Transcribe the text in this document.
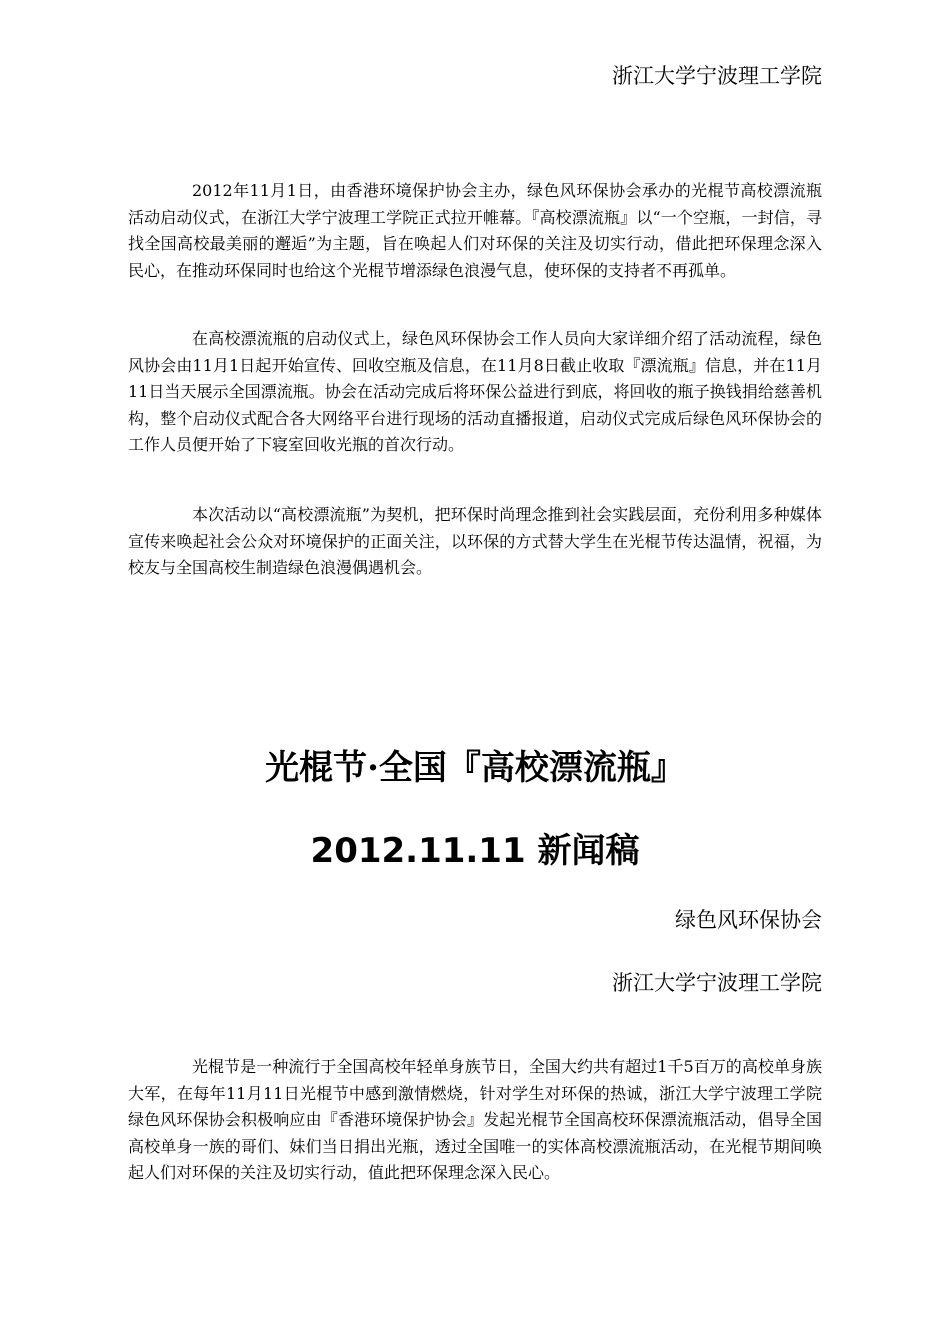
浙江大学宁波理工学院

2012年11月1日，由香港环境保护协会主办，绿色风环保协会承办的光棍节高校漂流瓶活动启动仪式，在浙江大学宁波理工学院正式拉开帷幕。『高校漂流瓶』以“一个空瓶，一封信，寻找全国高校最美丽的邂逅”为主题，旨在唤起人们对环保的关注及切实行动，借此把环保理念深入民心，在推动环保同时也给这个光棍节增添绿色浪漫气息，使环保的支持者不再孤单。

在高校漂流瓶的启动仪式上，绿色风环保协会工作人员向大家详细介绍了活动流程，绿色风协会由11月1日起开始宣传、回收空瓶及信息，在11月8日截止收取『漂流瓶』信息，并在11月11日当天展示全国漂流瓶。协会在活动完成后将环保公益进行到底，将回收的瓶子换钱捐给慈善机构，整个启动仪式配合各大网络平台进行现场的活动直播报道，启动仪式完成后绿色风环保协会的工作人员便开始了下寝室回收光瓶的首次行动。

本次活动以“高校漂流瓶”为契机，把环保时尚理念推到社会实践层面，充份利用多种媒体宣传来唤起社会公众对环境保护的正面关注，以环保的方式替大学生在光棍节传达温情，祝福，为校友与全国高校生制造绿色浪漫偶遇机会。

光棍节·全国『高校漂流瓶』
2012.11.11 新闻稿
绿色风环保协会
浙江大学宁波理工学院

光棍节是一种流行于全国高校年轻单身族节日，全国大约共有超过1千5百万的高校单身族大军，在每年11月11日光棍节中感到激情燃烧，针对学生对环保的热诚，浙江大学宁波理工学院绿色风环保协会积极响应由『香港环境保护协会』发起光棍节全国高校环保漂流瓶活动，倡导全国高校单身一族的哥们、妹们当日捐出光瓶，透过全国唯一的实体高校漂流瓶活动，在光棍节期间唤起人们对环保的关注及切实行动，值此把环保理念深入民心。
